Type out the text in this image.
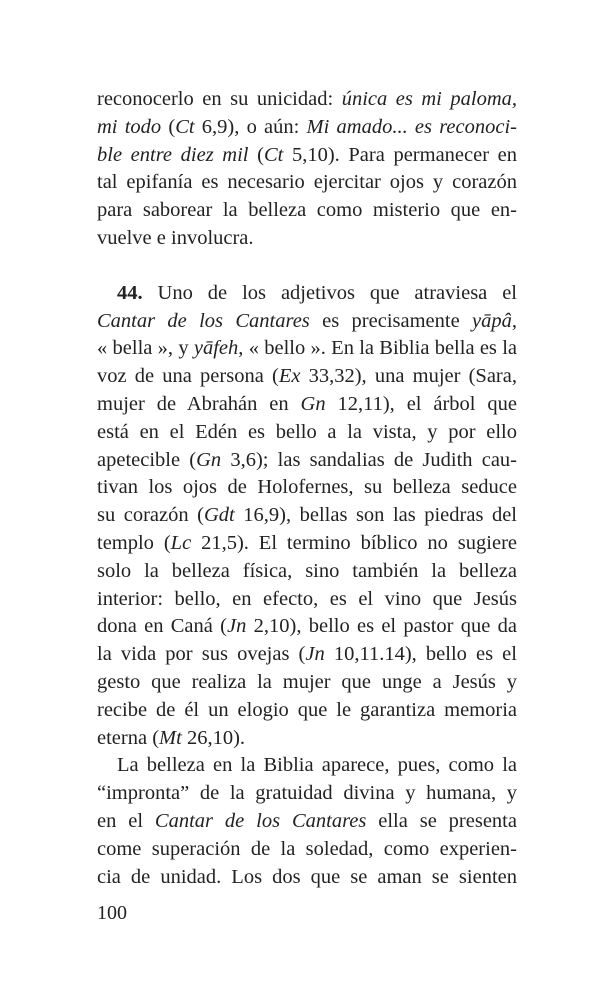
reconocerlo en su unicidad: única es mi paloma,
mi todo (Ct 6,9), o aún: Mi amado... es reconoci-
ble entre diez mil (Ct 5,10). Para permanecer en
tal epifanía es necesario ejercitar ojos y corazón
para saborear la belleza como misterio que en-
vuelve e involucra.
44. Uno de los adjetivos que atraviesa el
Cantar de los Cantares es precisamente yāpâ,
« bella », y yāfeh, « bello ». En la Biblia bella es la
voz de una persona (Ex 33,32), una mujer (Sara,
mujer de Abrahán en Gn 12,11), el árbol que
está en el Edén es bello a la vista, y por ello
apetecible (Gn 3,6); las sandalias de Judith cau-
tivan los ojos de Holofernes, su belleza seduce
su corazón (Gdt 16,9), bellas son las piedras del
templo (Lc 21,5). El termino bíblico no sugiere
solo la belleza física, sino también la belleza
interior: bello, en efecto, es el vino que Jesús
dona en Caná (Jn 2,10), bello es el pastor que da
la vida por sus ovejas (Jn 10,11.14), bello es el
gesto que realiza la mujer que unge a Jesús y
recibe de él un elogio que le garantiza memoria
eterna (Mt 26,10).
La belleza en la Biblia aparece, pues, como la
“impronta” de la gratuidad divina y humana, y
en el Cantar de los Cantares ella se presenta
come superación de la soledad, como experien-
cia de unidad. Los dos que se aman se sienten
100
